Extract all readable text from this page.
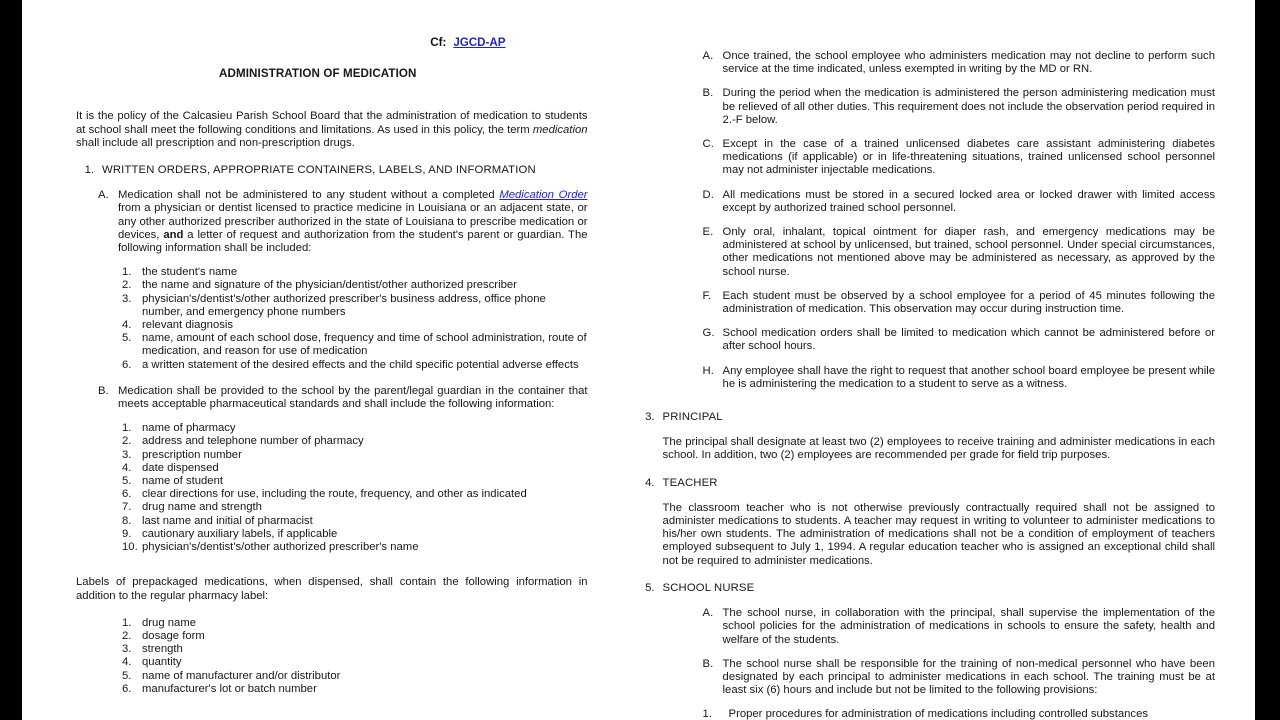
Cf: JGCD-AP
ADMINISTRATION OF MEDICATION
It is the policy of the Calcasieu Parish School Board that the administration of medication to students at school shall meet the following conditions and limitations. As used in this policy, the term medication shall include all prescription and non-prescription drugs.
1. WRITTEN ORDERS, APPROPRIATE CONTAINERS, LABELS, AND INFORMATION
A. Medication shall not be administered to any student without a completed Medication Order from a physician or dentist licensed to practice medicine in Louisiana or an adjacent state, or any other authorized prescriber authorized in the state of Louisiana to prescribe medication or devices, and a letter of request and authorization from the student's parent or guardian. The following information shall be included:
1. the student's name
2. the name and signature of the physician/dentist/other authorized prescriber
3. physician's/dentist's/other authorized prescriber's business address, office phone number, and emergency phone numbers
4. relevant diagnosis
5. name, amount of each school dose, frequency and time of school administration, route of medication, and reason for use of medication
6. a written statement of the desired effects and the child specific potential adverse effects
B. Medication shall be provided to the school by the parent/legal guardian in the container that meets acceptable pharmaceutical standards and shall include the following information:
1. name of pharmacy
2. address and telephone number of pharmacy
3. prescription number
4. date dispensed
5. name of student
6. clear directions for use, including the route, frequency, and other as indicated
7. drug name and strength
8. last name and initial of pharmacist
9. cautionary auxiliary labels, if applicable
10. physician's/dentist's/other authorized prescriber's name
Labels of prepackaged medications, when dispensed, shall contain the following information in addition to the regular pharmacy label:
1. drug name
2. dosage form
3. strength
4. quantity
5. name of manufacturer and/or distributor
6. manufacturer's lot or batch number
A. Once trained, the school employee who administers medication may not decline to perform such service at the time indicated, unless exempted in writing by the MD or RN.
B. During the period when the medication is administered the person administering medication must be relieved of all other duties. This requirement does not include the observation period required in 2.-F below.
C. Except in the case of a trained unlicensed diabetes care assistant administering diabetes medications (if applicable) or in life-threatening situations, trained unlicensed school personnel may not administer injectable medications.
D. All medications must be stored in a secured locked area or locked drawer with limited access except by authorized trained school personnel.
E. Only oral, inhalant, topical ointment for diaper rash, and emergency medications may be administered at school by unlicensed, but trained, school personnel. Under special circumstances, other medications not mentioned above may be administered as necessary, as approved by the school nurse.
F. Each student must be observed by a school employee for a period of 45 minutes following the administration of medication. This observation may occur during instruction time.
G. School medication orders shall be limited to medication which cannot be administered before or after school hours.
H. Any employee shall have the right to request that another school board employee be present while he is administering the medication to a student to serve as a witness.
3. PRINCIPAL
The principal shall designate at least two (2) employees to receive training and administer medications in each school. In addition, two (2) employees are recommended per grade for field trip purposes.
4. TEACHER
The classroom teacher who is not otherwise previously contractually required shall not be assigned to administer medications to students. A teacher may request in writing to volunteer to administer medications to his/her own students. The administration of medications shall not be a condition of employment of teachers employed subsequent to July 1, 1994. A regular education teacher who is assigned an exceptional child shall not be required to administer medications.
5. SCHOOL NURSE
A. The school nurse, in collaboration with the principal, shall supervise the implementation of the school policies for the administration of medications in schools to ensure the safety, health and welfare of the students.
B. The school nurse shall be responsible for the training of non-medical personnel who have been designated by each principal to administer medications in each school. The training must be at least six (6) hours and include but not be limited to the following provisions:
1.	Proper procedures for administration of medications including controlled substances
